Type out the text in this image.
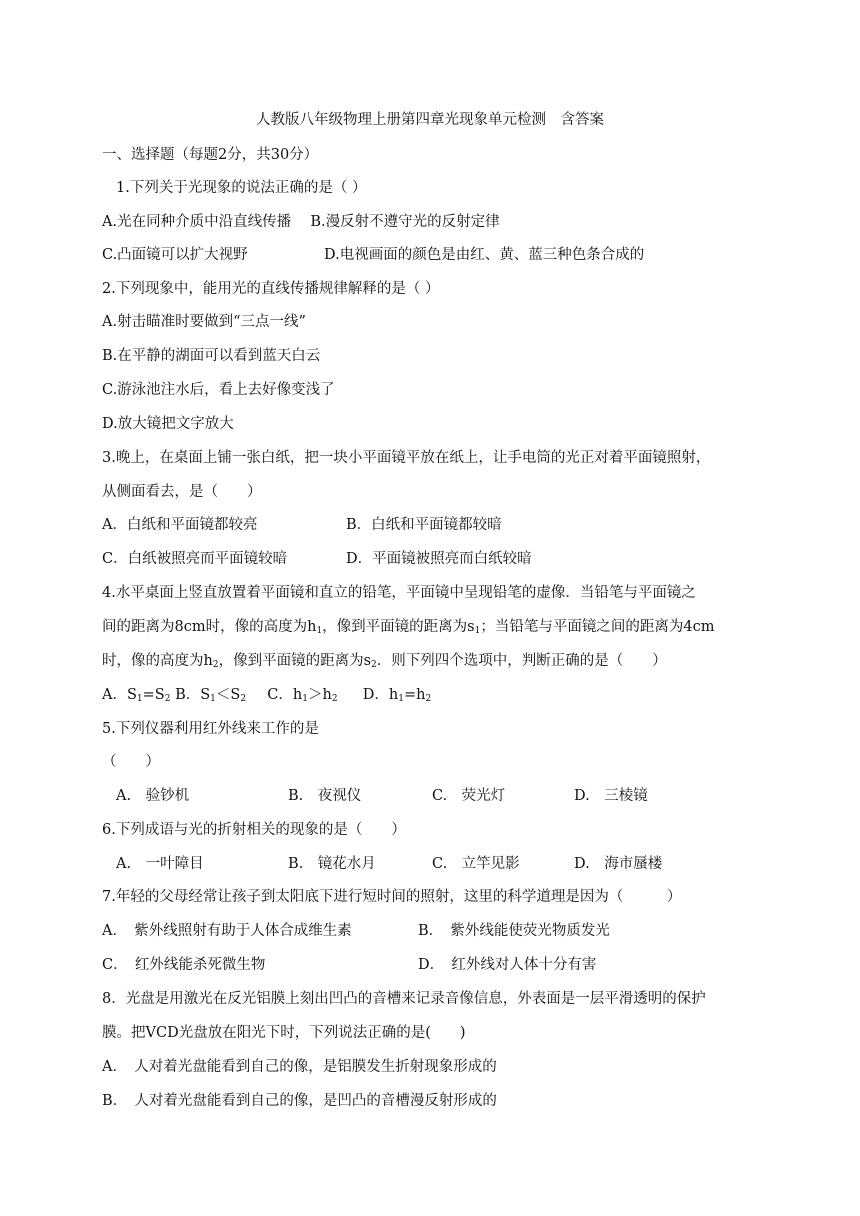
人教版八年级物理上册第四章光现象单元检测　含答案
一、选择题（每题2分，共30分）
1.下列关于光现象的说法正确的是（ ）
A.光在同种介质中沿直线传播 B.漫反射不遵守光的反射定律
C.凸面镜可以扩大视野	D.电视画面的颜色是由红、黄、蓝三种色条合成的
2.下列现象中，能用光的直线传播规律解释的是（ ）
A.射击瞄准时要做到“三点一线”
B.在平静的湖面可以看到蓝天白云
C.游泳池注水后，看上去好像变浅了
D.放大镜把文字放大
3.晚上，在桌面上铺一张白纸，把一块小平面镜平放在纸上，让手电筒的光正对着平面镜照射，
从侧面看去，是（　　）
A．白纸和平面镜都较亮	B．白纸和平面镜都较暗
C．白纸被照亮而平面镜较暗	D．平面镜被照亮而白纸较暗
4.水平桌面上竖直放置着平面镜和直立的铅笔，平面镜中呈现铅笔的虚像．当铅笔与平面镜之
间的距离为8cm时，像的高度为$h_1$，像到平面镜的距离为$s_1$；当铅笔与平面镜之间的距离为4cm
时，像的高度为$h_2$，像到平面镜的距离为$s_2$．则下列四个选项中，判断正确的是（　　）
A．$S_1=S_2$ B．$S_1<S_2$ C．$h_1>h_2$ D．$h_1=h_2$
5.下列仪器利用红外线来工作的是
（　　）
A.　验钞机	B.　夜视仪	C.　荧光灯	D.　三棱镜
6.下列成语与光的折射相关的现象的是（　　）
A.　一叶障目	B.　镜花水月	C.　立竿见影	D.　海市蜃楼
7.年轻的父母经常让孩子到太阳底下进行短时间的照射，这里的科学道理是因为（　　　）
A．　紫外线照射有助于人体合成维生素	B．　紫外线能使荧光物质发光
C．　红外线能杀死微生物	D．　红外线对人体十分有害
8．光盘是用激光在反光铝膜上刻出凹凸的音槽来记录音像信息，外表面是一层平滑透明的保护
膜。把VCD光盘放在阳光下时，下列说法正确的是(　　)
A．　人对着光盘能看到自己的像，是铝膜发生折射现象形成的
B．　人对着光盘能看到自己的像，是凹凸的音槽漫反射形成的
